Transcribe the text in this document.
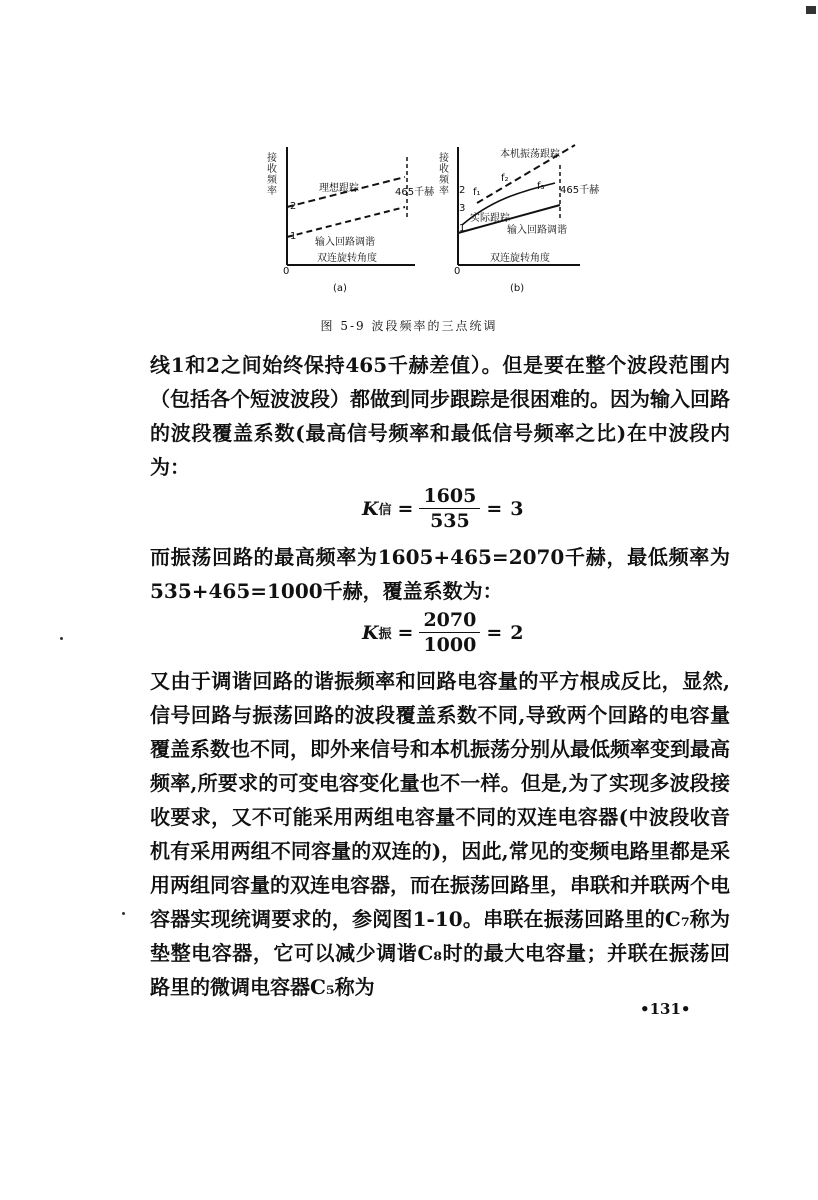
接收频率	理想跟踪	465千赫
输入回路调谐
双连旋转角度
0
1
2
(a)
接收频率
本机振荡跟踪
465千赫
实际跟踪
输入回路调谐
双连旋转角度
0
1
2
3
f₁
f₂
f₃
(b)
图 5-9 波段频率的三点统调
线1和2之间始终保持465千赫差值）。但是要在整个波段范围内（包括各个短波波段）都做到同步跟踪是很困难的。因为输入回路的波段覆盖系数(最高信号频率和最低信号频率之比)在中波段内为：
K 信 = $\frac{1605}{535} = 3$
而振荡回路的最高频率为1605+465=2070千赫，最低频率为535+465=1000千赫，覆盖系数为：
K 振 = $\frac{2070}{1000} = 2$
又由于调谐回路的谐振频率和回路电容量的平方根成反比，显然,信号回路与振荡回路的波段覆盖系数不同,导致两个回路的电容量覆盖系数也不同，即外来信号和本机振荡分别从最低频率变到最高频率,所要求的可变电容变化量也不一样。但是,为了实现多波段接收要求，又不可能采用两组电容量不同的双连电容器(中波段收音机有采用两组不同容量的双连的)，因此,常见的变频电路里都是采用两组同容量的双连电容器，而在振荡回路里，串联和并联两个电容器实现统调要求的，参阅图1-10。串联在振荡回路里的C₇称为垫整电容器，它可以减少调谐C₈时的最大电容量；并联在振荡回路里的微调电容器C₅称为
•131•
